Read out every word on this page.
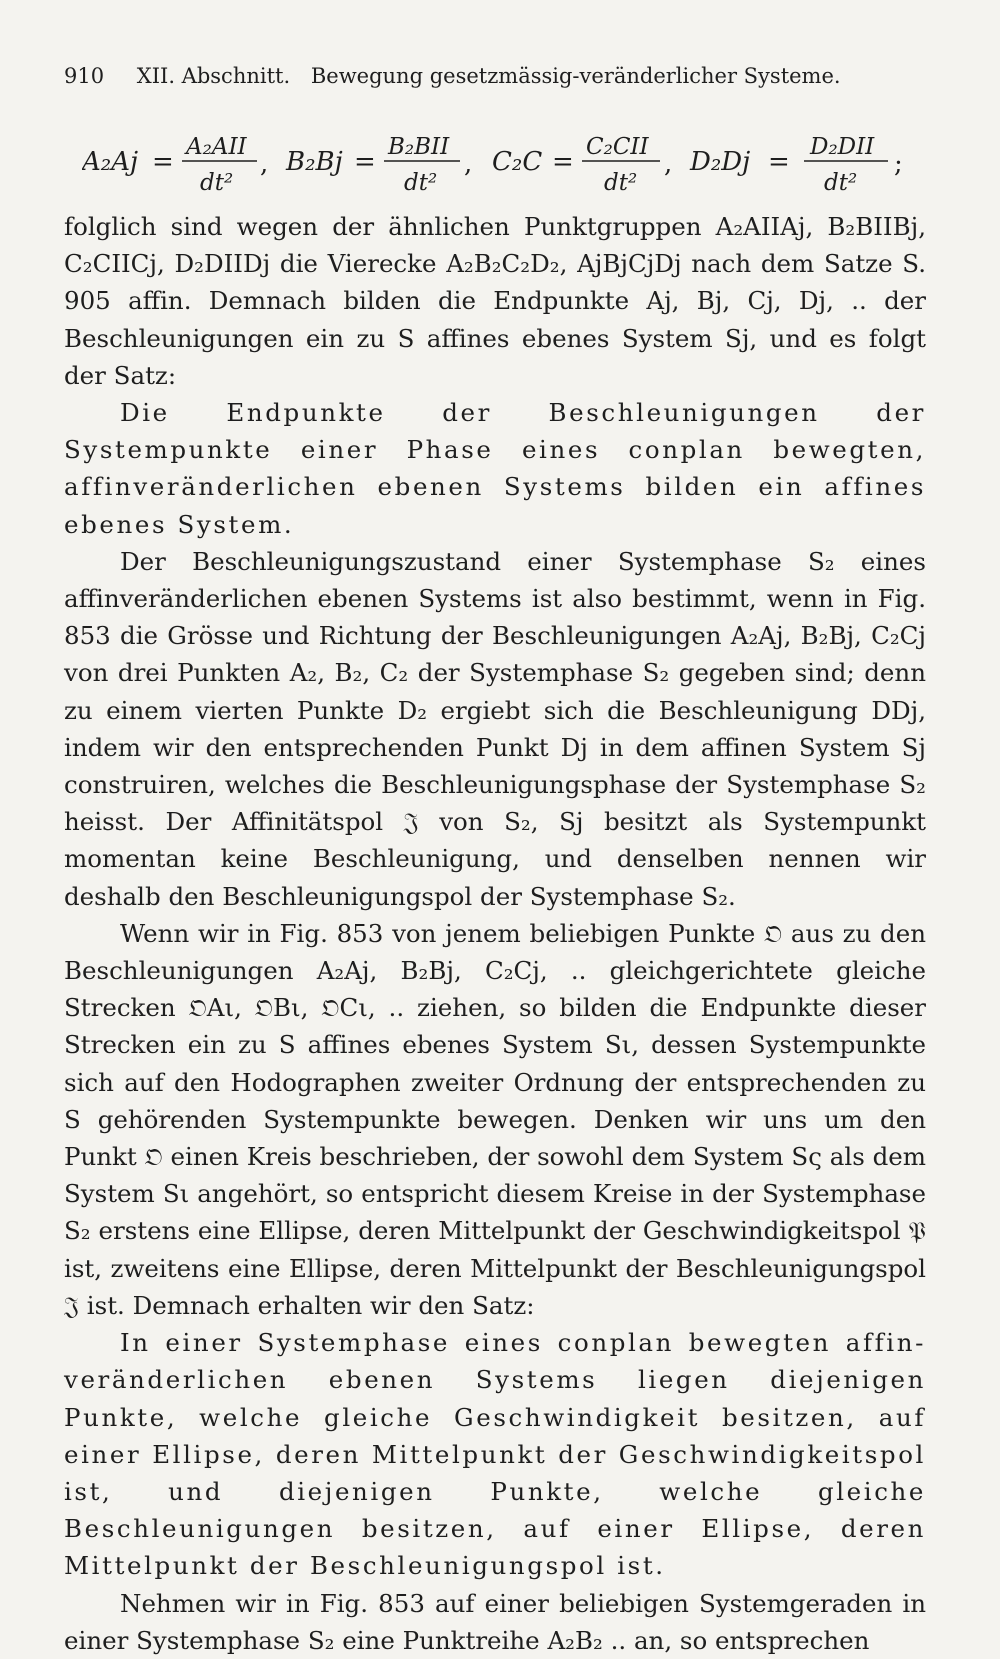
910 XII. Abschnitt. Bewegung gesetzmässig-veränderlicher Systeme.
A₂Aj = A₂AII
dt²
, B₂Bj = B₂BII
dt²
, C₂C = C₂CII
dt²
, D₂Dj = D₂DII
dt²
;

folglich sind wegen der ähnlichen Punktgruppen A₂AIIAj, B₂BIIBj, C₂CIICj, D₂DIIDj die Vierecke A₂B₂C₂D₂, AjBjCjDj nach dem Satze S. 905 affin. Demnach bilden die Endpunkte Aj, Bj, Cj, Dj, .. der Beschleunigungen ein zu S affines ebenes System Sj, und es folgt der Satz:

Die Endpunkte der Beschleunigungen der Systempunkte einer Phase eines conplan bewegten, affinveränderlichen ebenen Systems bilden ein affines ebenes System.

Der Beschleunigungszustand einer Systemphase S₂ eines affinveränderlichen ebenen Systems ist also bestimmt, wenn in Fig. 853 die Grösse und Richtung der Beschleunigungen A₂Aj, B₂Bj, C₂Cj von drei Punkten A₂, B₂, C₂ der Systemphase S₂ gegeben sind; denn zu einem vierten Punkte D₂ ergiebt sich die Beschleunigung DDj, indem wir den entsprechenden Punkt Dj in dem affinen System Sj construiren, welches die Beschleunigungsphase der Systemphase S₂ heisst. Der Affinitätspol 𝔍 von S₂, Sj besitzt als Systempunkt momentan keine Beschleunigung, und denselben nennen wir deshalb den Beschleunigungspol der Systemphase S₂.

Wenn wir in Fig. 853 von jenem beliebigen Punkte 𝔒 aus zu den Beschleunigungen A₂Aj, B₂Bj, C₂Cj, .. gleichgerichtete gleiche Strecken 𝔒Aι, 𝔒Bι, 𝔒Cι, .. ziehen, so bilden die Endpunkte dieser Strecken ein zu S affines ebenes System Sι, dessen Systempunkte sich auf den Hodographen zweiter Ordnung der entsprechenden zu S gehörenden Systempunkte bewegen. Denken wir uns um den Punkt 𝔒 einen Kreis beschrieben, der sowohl dem System Sς als dem System Sι angehört, so entspricht diesem Kreise in der Systemphase S₂ erstens eine Ellipse, deren Mittelpunkt der Geschwindigkeitspol 𝔓 ist, zweitens eine Ellipse, deren Mittelpunkt der Beschleunigungspol 𝔍 ist. Demnach erhalten wir den Satz:

In einer Systemphase eines conplan bewegten affin-veränderlichen ebenen Systems liegen diejenigen Punkte, welche gleiche Geschwindigkeit besitzen, auf einer Ellipse, deren Mittelpunkt der Geschwindigkeitspol ist, und diejenigen Punkte, welche gleiche Beschleunigungen besitzen, auf einer Ellipse, deren Mittelpunkt der Beschleunigungspol ist.

Nehmen wir in Fig. 853 auf einer beliebigen Systemgeraden in einer Systemphase S₂ eine Punktreihe A₂B₂ .. an, so entsprechen
